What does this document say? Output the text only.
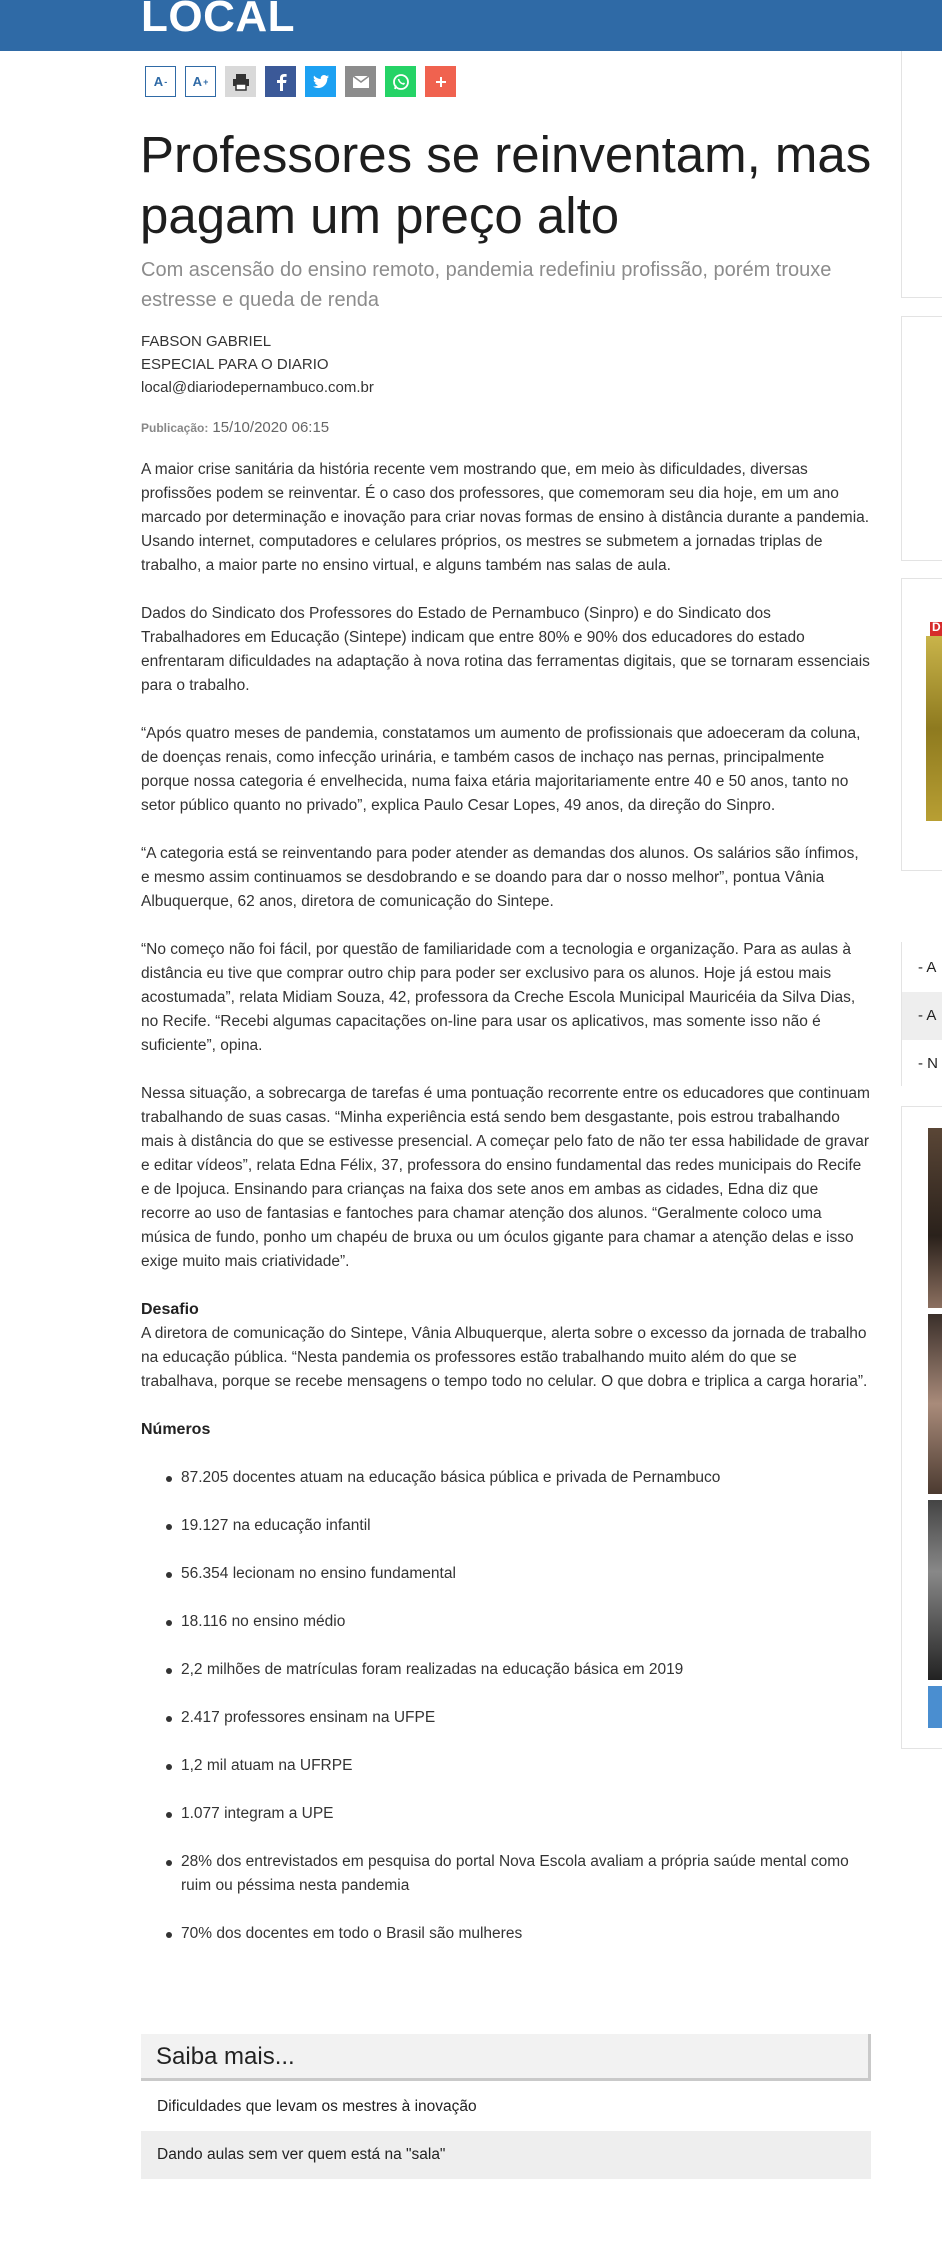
LOCAL
A - A +
Professores se reinventam, mas pagam um preço alto
Com ascensão do ensino remoto, pandemia redefiniu profissão, porém trouxe estresse e queda de renda
FABSON GABRIEL
ESPECIAL PARA O DIARIO
local@diariodepernambuco.com.br
Publicação: 15/10/2020 06:15

A maior crise sanitária da história recente vem mostrando que, em meio às dificuldades, diversas profissões podem se reinventar. É o caso dos professores, que comemoram seu dia hoje, em um ano marcado por determinação e inovação para criar novas formas de ensino à distância durante a pandemia. Usando internet, computadores e celulares próprios, os mestres se submetem a jornadas triplas de trabalho, a maior parte no ensino virtual, e alguns também nas salas de aula.

Dados do Sindicato dos Professores do Estado de Pernambuco (Sinpro) e do Sindicato dos Trabalhadores em Educação (Sintepe) indicam que entre 80% e 90% dos educadores do estado enfrentaram dificuldades na adaptação à nova rotina das ferramentas digitais, que se tornaram essenciais para o trabalho.

“Após quatro meses de pandemia, constatamos um aumento de profissionais que adoeceram da coluna, de doenças renais, como infecção urinária, e também casos de inchaço nas pernas, principalmente porque nossa categoria é envelhecida, numa faixa etária majoritariamente entre 40 e 50 anos, tanto no setor público quanto no privado”, explica Paulo Cesar Lopes, 49 anos, da direção do Sinpro.

“A categoria está se reinventando para poder atender as demandas dos alunos. Os salários são ínfimos, e mesmo assim continuamos se desdobrando e se doando para dar o nosso melhor”, pontua Vânia Albuquerque, 62 anos, diretora de comunicação do Sintepe.

“No começo não foi fácil, por questão de familiaridade com a tecnologia e organização. Para as aulas à distância eu tive que comprar outro chip para poder ser exclusivo para os alunos. Hoje já estou mais acostumada”, relata Midiam Souza, 42, professora da Creche Escola Municipal Mauricéia da Silva Dias, no Recife. “Recebi algumas capacitações on-line para usar os aplicativos, mas somente isso não é suficiente”, opina.

Nessa situação, a sobrecarga de tarefas é uma pontuação recorrente entre os educadores que continuam trabalhando de suas casas. “Minha experiência está sendo bem desgastante, pois estrou trabalhando mais à distância do que se estivesse presencial. A começar pelo fato de não ter essa habilidade de gravar e editar vídeos”, relata Edna Félix, 37, professora do ensino fundamental das redes municipais do Recife e de Ipojuca. Ensinando para crianças na faixa dos sete anos em ambas as cidades, Edna diz que recorre ao uso de fantasias e fantoches para chamar atenção dos alunos. “Geralmente coloco uma música de fundo, ponho um chapéu de bruxa ou um óculos gigante para chamar a atenção delas e isso exige muito mais criatividade”.

Desafio

A diretora de comunicação do Sintepe, Vânia Albuquerque, alerta sobre o excesso da jornada de trabalho na educação pública. “Nesta pandemia os professores estão trabalhando muito além do que se trabalhava, porque se recebe mensagens o tempo todo no celular. O que dobra e triplica a carga horaria”.

Números
87.205 docentes atuam na educação básica pública e privada de Pernambuco
19.127 na educação infantil
56.354 lecionam no ensino fundamental
18.116 no ensino médio
2,2 milhões de matrículas foram realizadas na educação básica em 2019
2.417 professores ensinam na UFPE
1,2 mil atuam na UFRPE
1.077 integram a UPE
28% dos entrevistados em pesquisa do portal Nova Escola avaliam a própria saúde mental como ruim ou péssima nesta pandemia
70% dos docentes em todo o Brasil são mulheres
Saiba mais...
Dificuldades que levam os mestres à inovação
Dando aulas sem ver quem está na "sala"
D
- A
- A
- N
